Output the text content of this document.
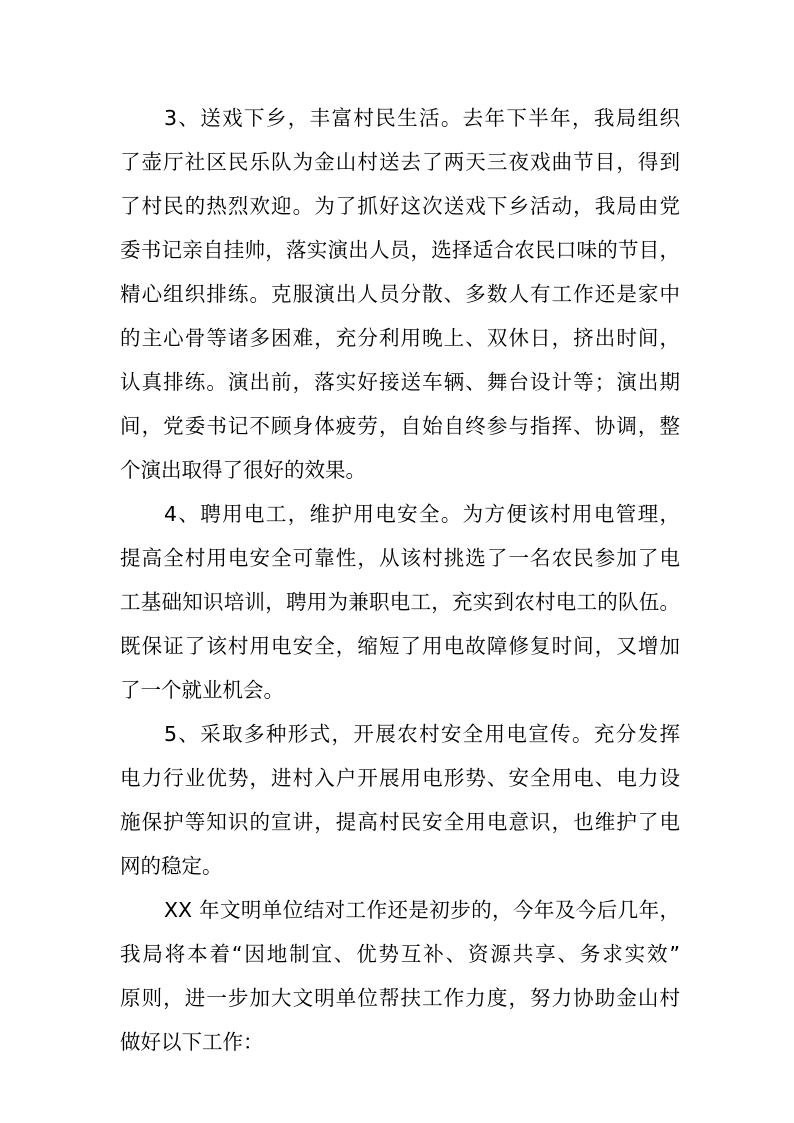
3、送戏下乡，丰富村民生活。去年下半年，我局组织
了壶厅社区民乐队为金山村送去了两天三夜戏曲节目，得到
了村民的热烈欢迎。为了抓好这次送戏下乡活动，我局由党
委书记亲自挂帅，落实演出人员，选择适合农民口味的节目，
精心组织排练。克服演出人员分散、多数人有工作还是家中
的主心骨等诸多困难，充分利用晚上、双休日，挤出时间，
认真排练。演出前，落实好接送车辆、舞台设计等；演出期
间，党委书记不顾身体疲劳，自始自终参与指挥、协调，整
个演出取得了很好的效果。
4、聘用电工，维护用电安全。为方便该村用电管理，
提高全村用电安全可靠性，从该村挑选了一名农民参加了电
工基础知识培训，聘用为兼职电工，充实到农村电工的队伍。
既保证了该村用电安全，缩短了用电故障修复时间，又增加
了一个就业机会。
5、采取多种形式，开展农村安全用电宣传。充分发挥
电力行业优势，进村入户开展用电形势、安全用电、电力设
施保护等知识的宣讲，提高村民安全用电意识，也维护了电
网的稳定。
XX 年文明单位结对工作还是初步的，今年及今后几年，
我局将本着“因地制宜、优势互补、资源共享、务求实效”
原则，进一步加大文明单位帮扶工作力度，努力协助金山村
做好以下工作：
